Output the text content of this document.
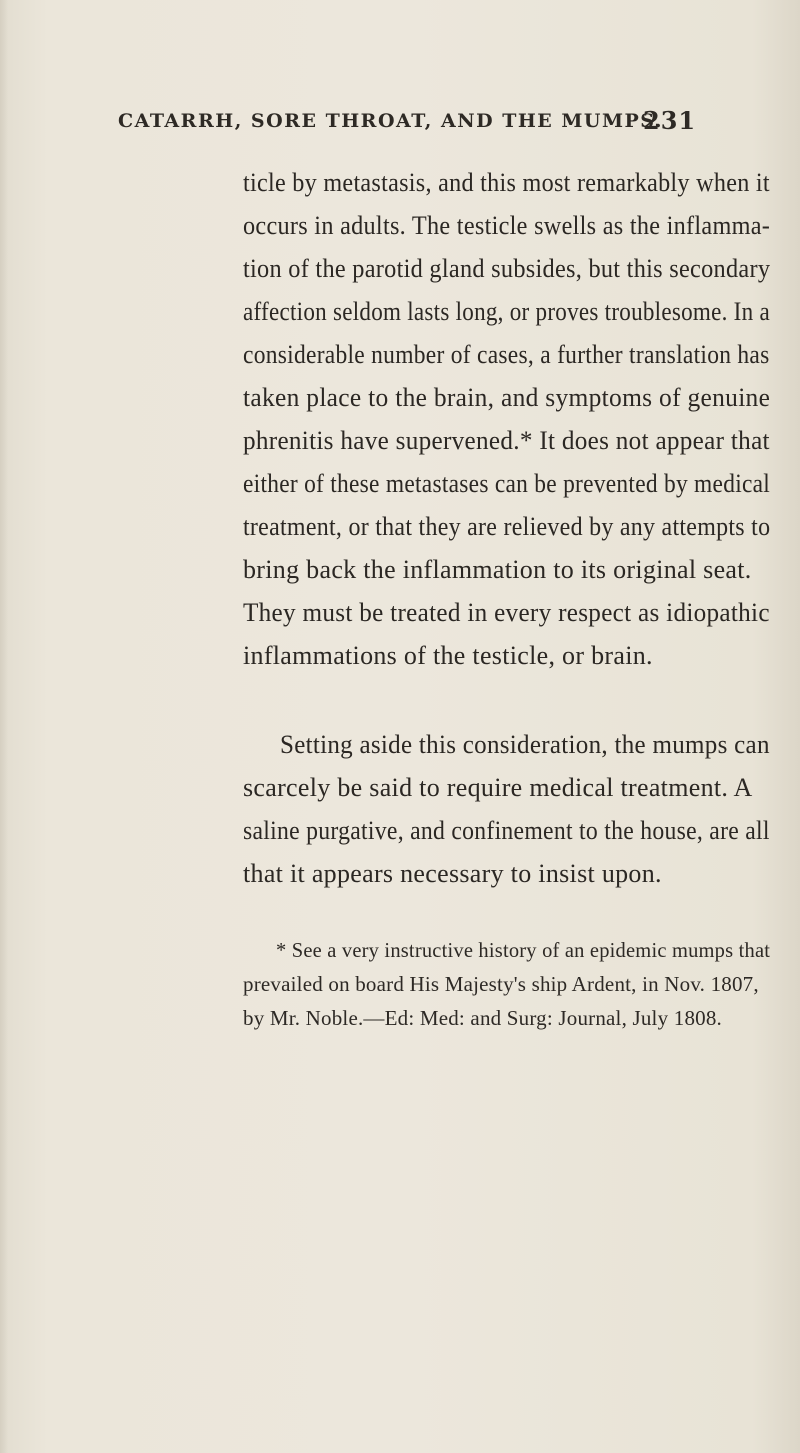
CATARRH, SORE THROAT, AND THE MUMPS.
231
ticle by metastasis, and this most remarkably when it
occurs in adults. The testicle swells as the inflamma-
tion of the parotid gland subsides, but this secondary
affection seldom lasts long, or proves troublesome. In a
considerable number of cases, a further translation has
taken place to the brain, and symptoms of genuine
phrenitis have supervened.* It does not appear that
either of these metastases can be prevented by medical
treatment, or that they are relieved by any attempts to
bring back the inflammation to its original seat.
They must be treated in every respect as idiopathic
inflammations of the testicle, or brain.
Setting aside this consideration, the mumps can
scarcely be said to require medical treatment. A
saline purgative, and confinement to the house, are all
that it appears necessary to insist upon.
* See a very instructive history of an epidemic mumps that
prevailed on board His Majesty's ship Ardent, in Nov. 1807,
by Mr. Noble.—Ed: Med: and Surg: Journal, July 1808.
